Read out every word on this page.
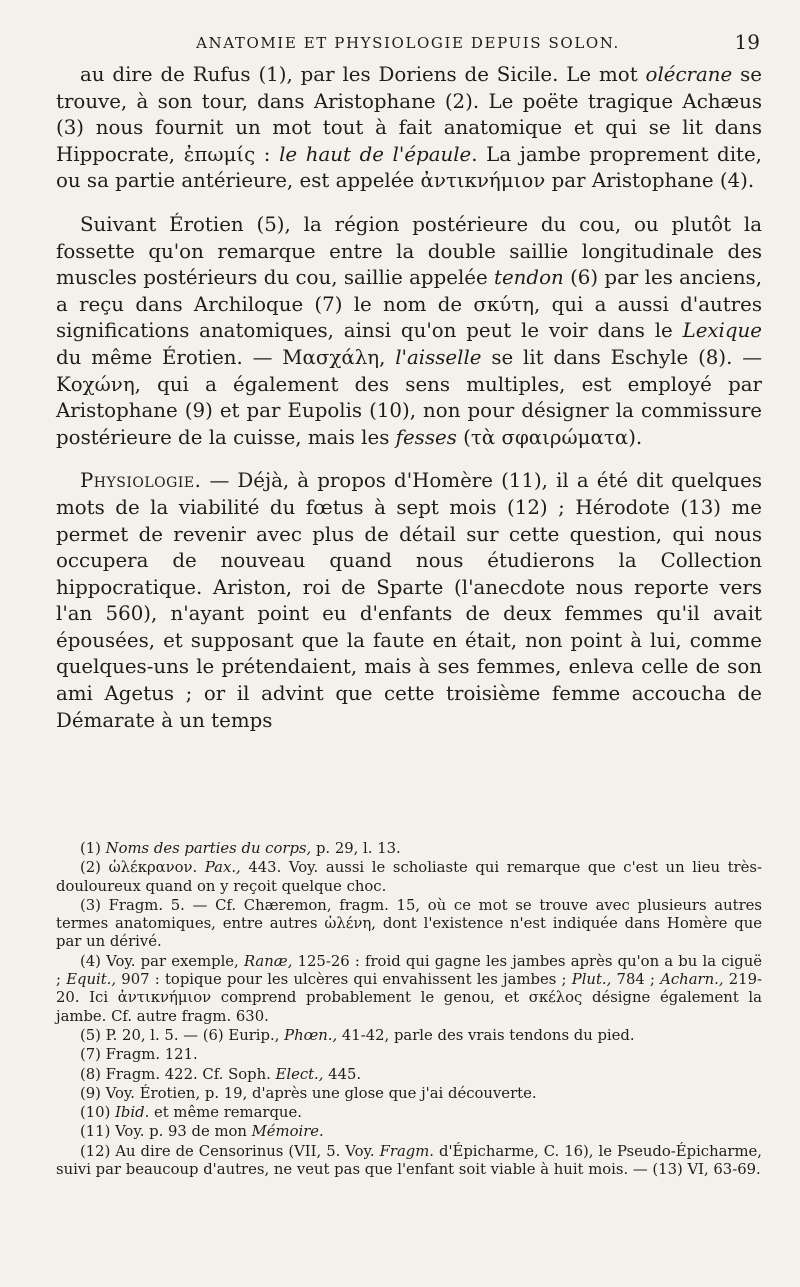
ANATOMIE ET PHYSIOLOGIE DEPUIS SOLON.	19

au dire de Rufus (1), par les Doriens de Sicile. Le mot olécrane se trouve, à son tour, dans Aristophane (2). Le poëte tragique Achæus (3) nous fournit un mot tout à fait anatomique et qui se lit dans Hippocrate, ἐπωμίς : le haut de l'épaule. La jambe proprement dite, ou sa partie antérieure, est appelée ἀντικνήμιον par Aristophane (4).

Suivant Érotien (5), la région postérieure du cou, ou plutôt la fossette qu'on remarque entre la double saillie longitudinale des muscles postérieurs du cou, saillie appelée tendon (6) par les anciens, a reçu dans Archiloque (7) le nom de σκύτη, qui a aussi d'autres significations anatomiques, ainsi qu'on peut le voir dans le Lexique du même Érotien. — Μασχάλη, l'aisselle se lit dans Eschyle (8). — Κοχώνη, qui a également des sens multiples, est employé par Aristophane (9) et par Eupolis (10), non pour désigner la commissure postérieure de la cuisse, mais les fesses (τὰ σφαιρώματα).

Physiologie. — Déjà, à propos d'Homère (11), il a été dit quelques mots de la viabilité du fœtus à sept mois (12) ; Hérodote (13) me permet de revenir avec plus de détail sur cette question, qui nous occupera de nouveau quand nous étudierons la Collection hippocratique. Ariston, roi de Sparte (l'anecdote nous reporte vers l'an 560), n'ayant point eu d'enfants de deux femmes qu'il avait épousées, et supposant que la faute en était, non point à lui, comme quelques-uns le prétendaient, mais à ses femmes, enleva celle de son ami Agetus ; or il advint que cette troisième femme accoucha de Démarate à un temps

(1) Noms des parties du corps, p. 29, l. 13.

(2) ὠλέκρανον. Pax., 443. Voy. aussi le scholiaste qui remarque que c'est un lieu très-douloureux quand on y reçoit quelque choc.

(3) Fragm. 5. — Cf. Chæremon, fragm. 15, où ce mot se trouve avec plusieurs autres termes anatomiques, entre autres ὠλένη, dont l'existence n'est indiquée dans Homère que par un dérivé.

(4) Voy. par exemple, Ranæ, 125-26 : froid qui gagne les jambes après qu'on a bu la ciguë ; Equit., 907 : topique pour les ulcères qui envahissent les jambes ; Plut., 784 ; Acharn., 219-20. Ici ἀντικνήμιον comprend probablement le genou, et σκέλος désigne également la jambe. Cf. autre fragm. 630.

(5) P. 20, l. 5. — (6) Eurip., Phœn., 41-42, parle des vrais tendons du pied.

(7) Fragm. 121.

(8) Fragm. 422. Cf. Soph. Elect., 445.

(9) Voy. Érotien, p. 19, d'après une glose que j'ai découverte.

(10) Ibid. et même remarque.

(11) Voy. p. 93 de mon Mémoire.

(12) Au dire de Censorinus (VII, 5. Voy. Fragm. d'Épicharme, C. 16), le Pseudo-Épicharme, suivi par beaucoup d'autres, ne veut pas que l'enfant soit viable à huit mois. — (13) VI, 63-69.
